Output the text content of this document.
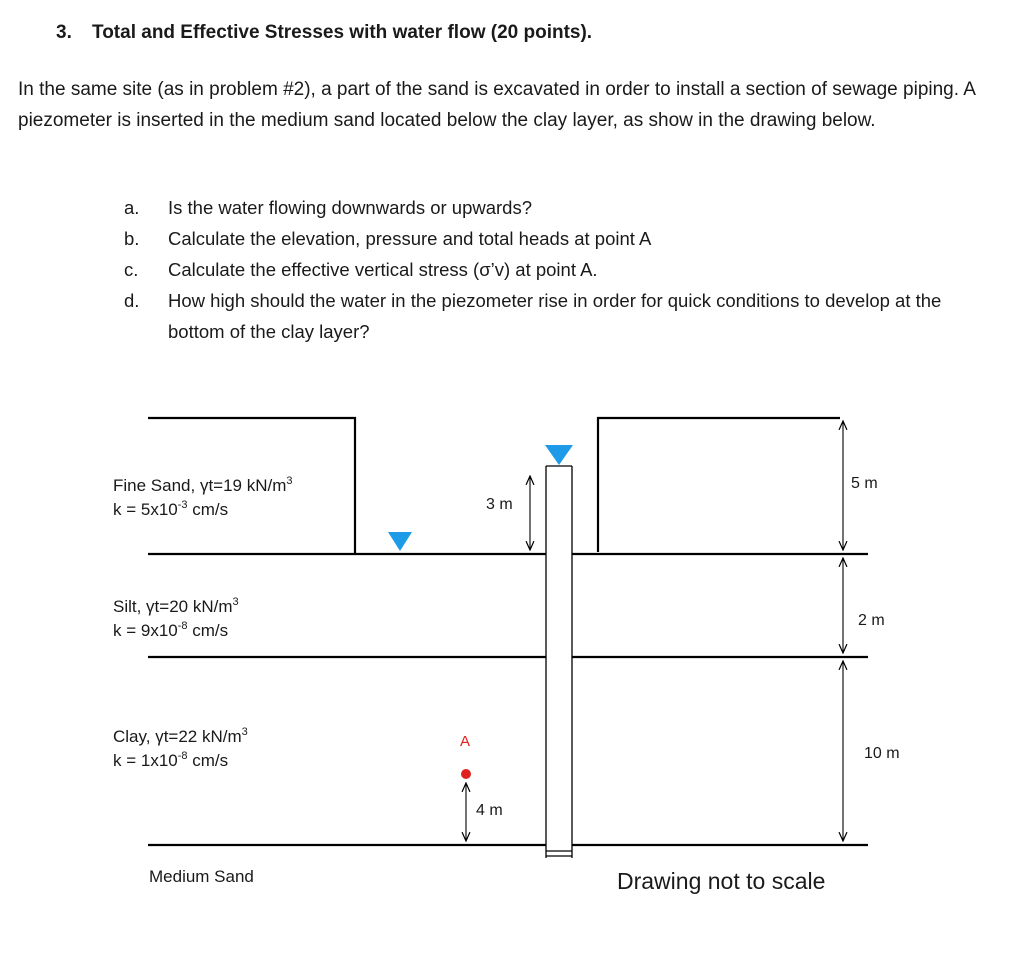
3. Total and Effective Stresses with water flow (20 points).
In the same site (as in problem #2), a part of the sand is excavated in order to install a section of sewage piping. A piezometer is inserted in the medium sand located below the clay layer, as show in the drawing below.
a.	Is the water flowing downwards or upwards?
b.	Calculate the elevation, pressure and total heads at point A
c.	Calculate the effective vertical stress (σ’v) at point A.
d.	How high should the water in the piezometer rise in order for quick conditions to develop at the bottom of the clay layer?
Fine Sand, γt=19 $kN/m^3$
$k = 5x10^{-3}$ cm/s
Silt, γt=20 $kN/m^3$
$k = 9x10^{-8}$ cm/s
Clay, γt=22 $kN/m^3$
$k = 1x10^{-8}$ cm/s
Medium Sand
3 m
4 m
5 m
2 m
10 m
A
Drawing not to scale
